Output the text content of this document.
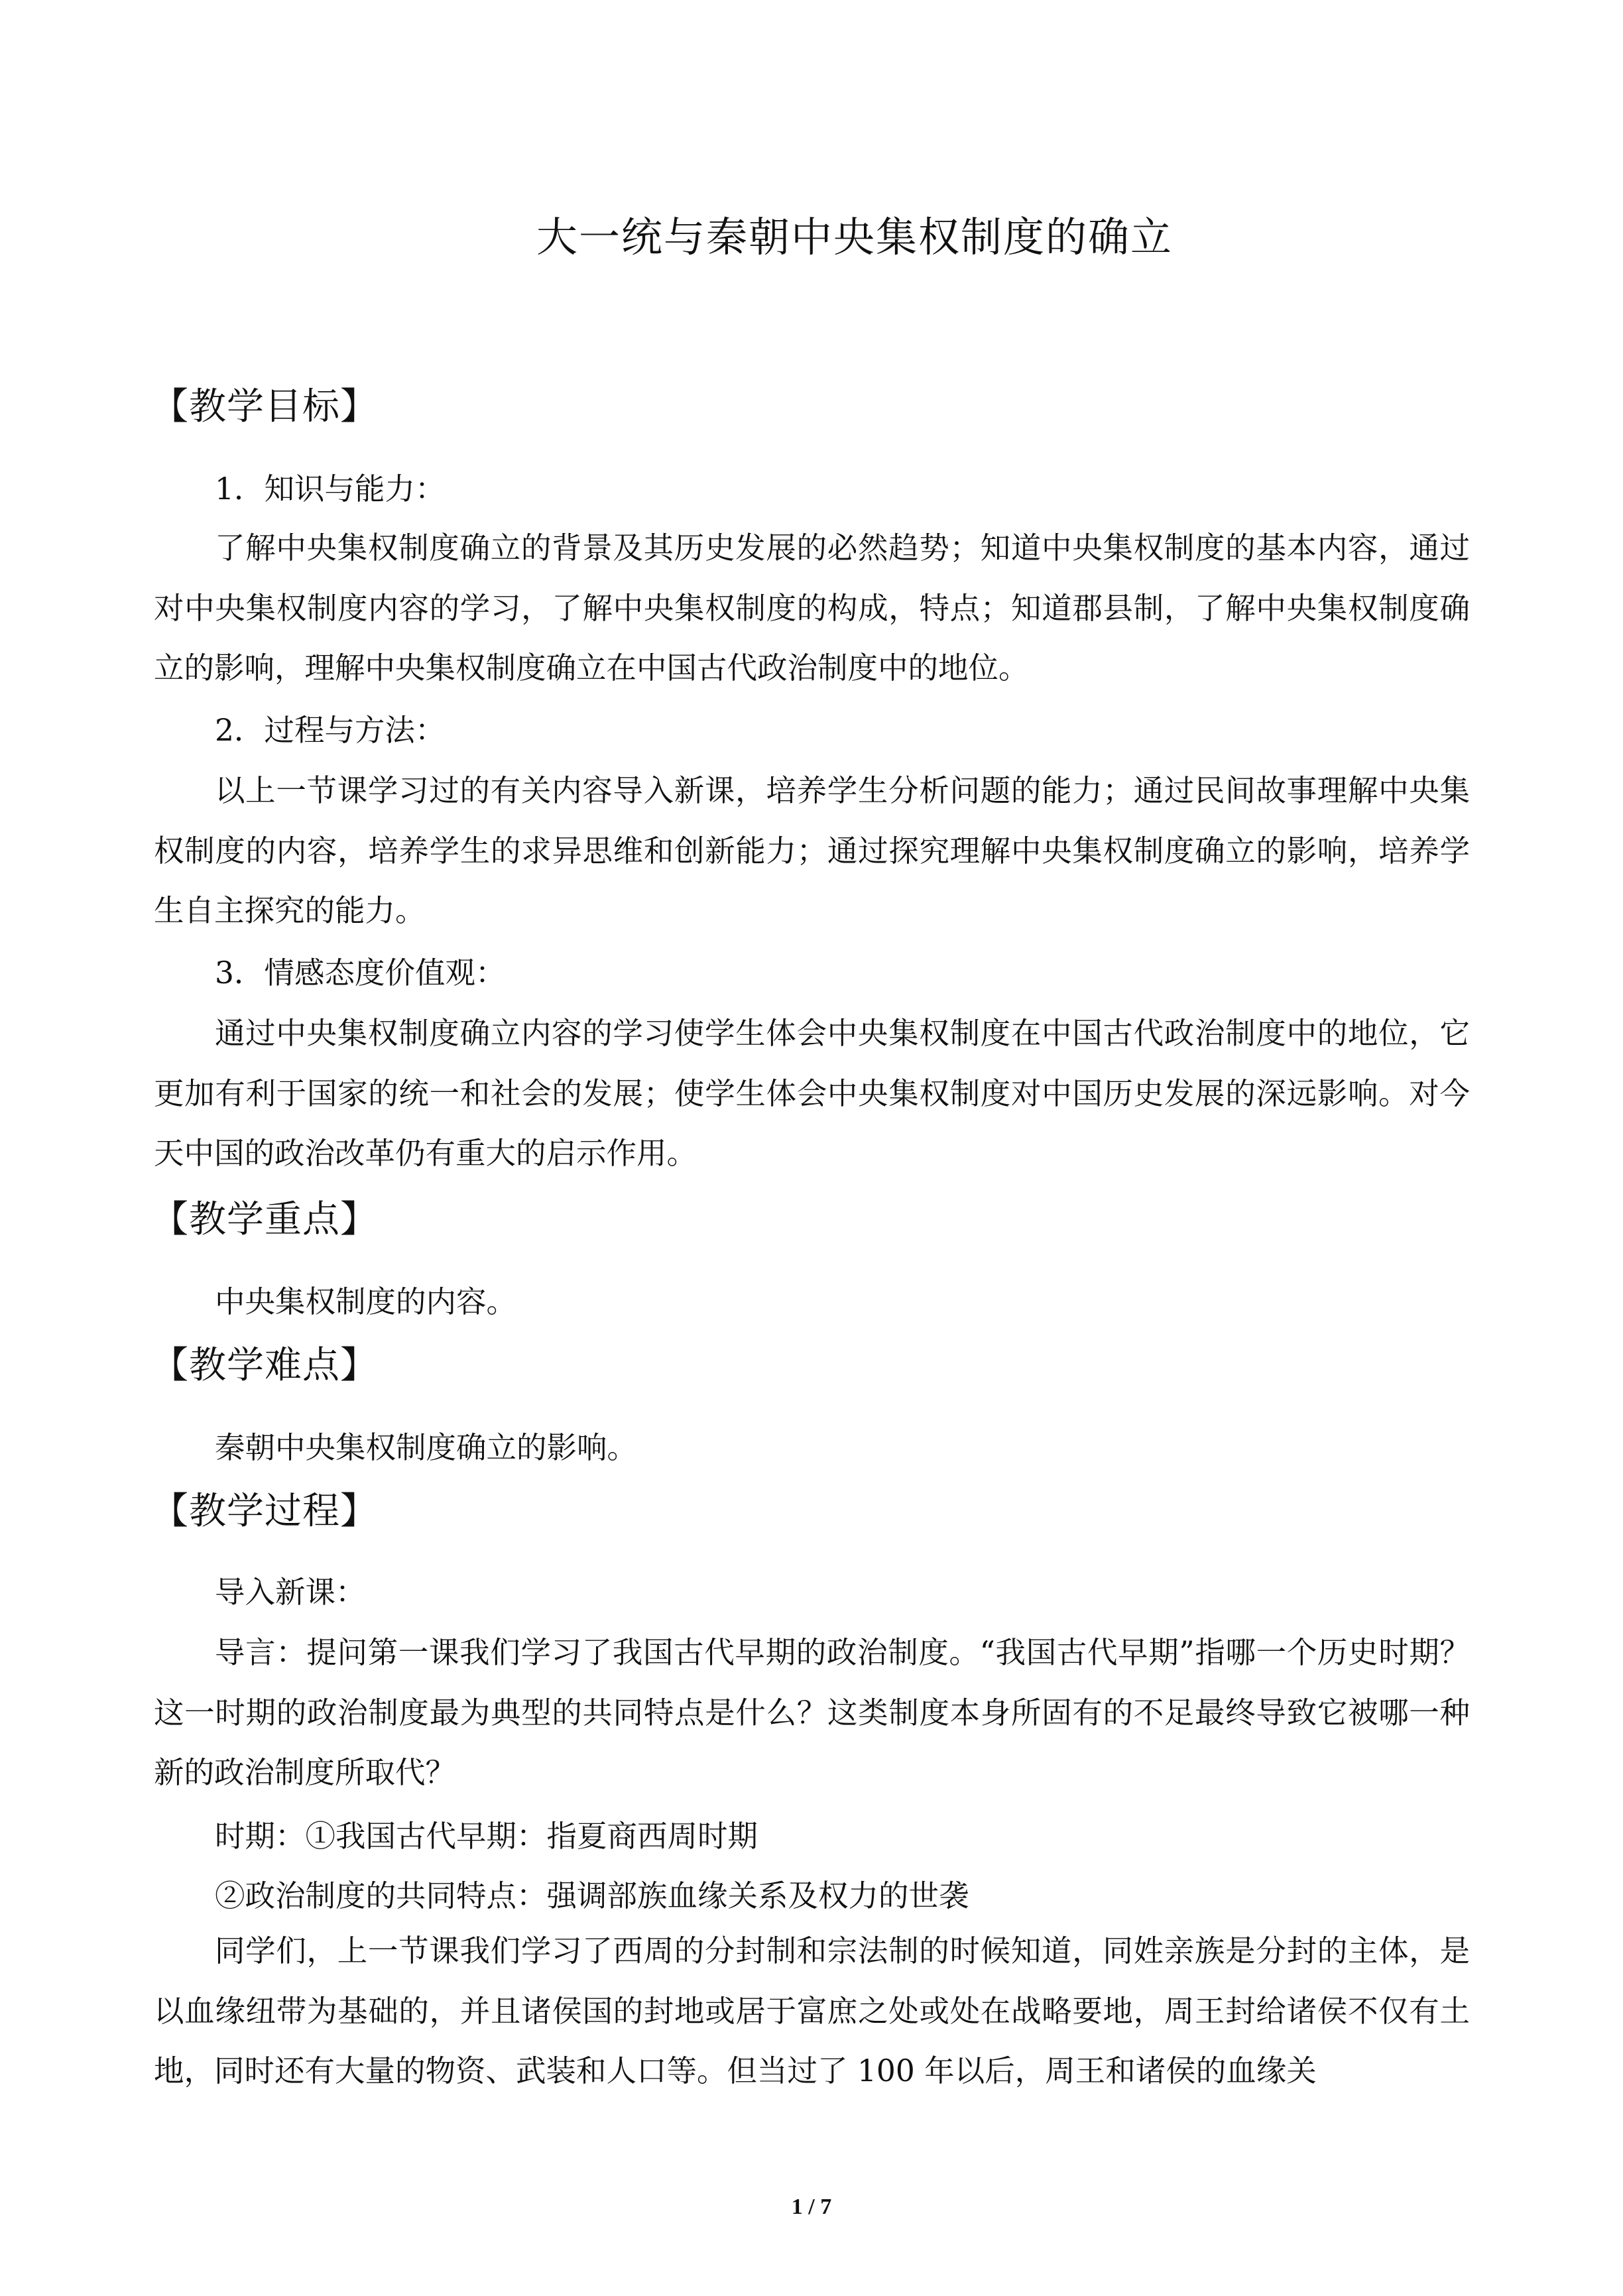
大一统与秦朝中央集权制度的确立
【教学目标】

1．知识与能力：

了解中央集权制度确立的背景及其历史发展的必然趋势；知道中央集权制度的基本内容，通过对中央集权制度内容的学习，了解中央集权制度的构成，特点；知道郡县制，了解中央集权制度确立的影响，理解中央集权制度确立在中国古代政治制度中的地位。

2．过程与方法：

以上一节课学习过的有关内容导入新课，培养学生分析问题的能力；通过民间故事理解中央集权制度的内容，培养学生的求异思维和创新能力；通过探究理解中央集权制度确立的影响，培养学生自主探究的能力。

3．情感态度价值观：

通过中央集权制度确立内容的学习使学生体会中央集权制度在中国古代政治制度中的地位，它更加有利于国家的统一和社会的发展；使学生体会中央集权制度对中国历史发展的深远影响。对今天中国的政治改革仍有重大的启示作用。

【教学重点】

中央集权制度的内容。

【教学难点】

秦朝中央集权制度确立的影响。

【教学过程】

导入新课：

导言：提问第一课我们学习了我国古代早期的政治制度。“我国古代早期”指哪一个历史时期？这一时期的政治制度最为典型的共同特点是什么？这类制度本身所固有的不足最终导致它被哪一种新的政治制度所取代？

时期：①我国古代早期：指夏商西周时期

②政治制度的共同特点：强调部族血缘关系及权力的世袭

同学们，上一节课我们学习了西周的分封制和宗法制的时候知道，同姓亲族是分封的主体，是以血缘纽带为基础的，并且诸侯国的封地或居于富庶之处或处在战略要地，周王封给诸侯不仅有土地，同时还有大量的物资、武装和人口等。但当过了 100 年以后，周王和诸侯的血缘关

1 / 7
